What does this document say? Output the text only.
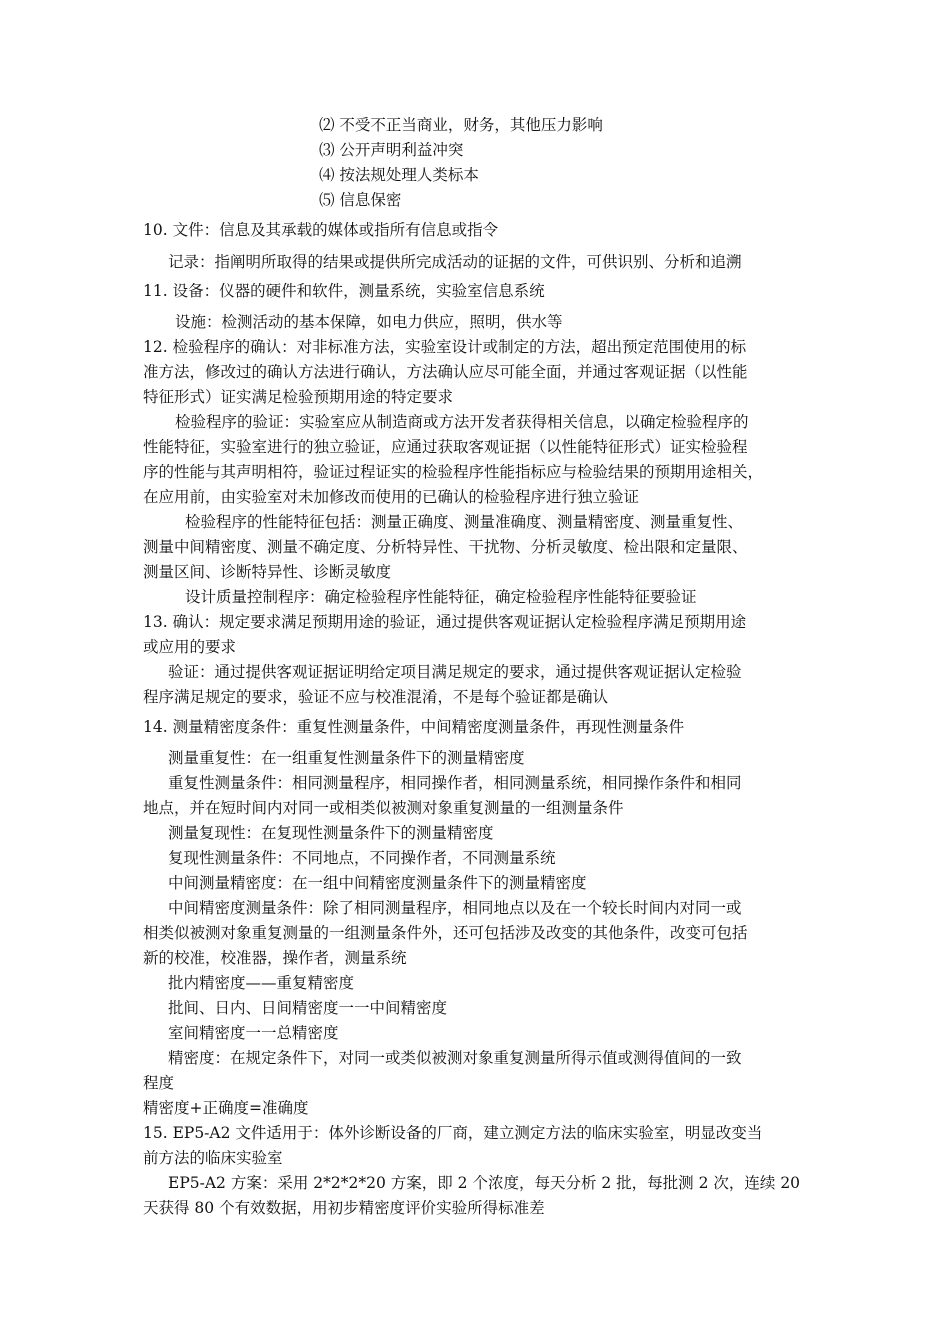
⑵ 不受不正当商业，财务，其他压力影响
⑶ 公开声明利益冲突
⑷ 按法规处理人类标本
⑸ 信息保密
10. 文件：信息及其承载的媒体或指所有信息或指令
记录：指阐明所取得的结果或提供所完成活动的证据的文件，可供识别、分析和追溯
11. 设备：仪器的硬件和软件，测量系统，实验室信息系统
设施：检测活动的基本保障，如电力供应，照明，供水等
12. 检验程序的确认：对非标准方法，实验室设计或制定的方法，超出预定范围使用的标
准方法，修改过的确认方法进行确认，方法确认应尽可能全面，并通过客观证据（以性能
特征形式）证实满足检验预期用途的特定要求
检验程序的验证：实验室应从制造商或方法开发者获得相关信息，以确定检验程序的
性能特征，实验室进行的独立验证，应通过获取客观证据（以性能特征形式）证实检验程
序的性能与其声明相符，验证过程证实的检验程序性能指标应与检验结果的预期用途相关，
在应用前，由实验室对未加修改而使用的已确认的检验程序进行独立验证
检验程序的性能特征包括：测量正确度、测量准确度、测量精密度、测量重复性、
测量中间精密度、测量不确定度、分析特异性、干扰物、分析灵敏度、检出限和定量限、
测量区间、诊断特异性、诊断灵敏度
设计质量控制程序：确定检验程序性能特征，确定检验程序性能特征要验证
13. 确认：规定要求满足预期用途的验证，通过提供客观证据认定检验程序满足预期用途
或应用的要求
验证：通过提供客观证据证明给定项目满足规定的要求，通过提供客观证据认定检验
程序满足规定的要求，验证不应与校准混淆，不是每个验证都是确认
14. 测量精密度条件：重复性测量条件，中间精密度测量条件，再现性测量条件
测量重复性：在一组重复性测量条件下的测量精密度
重复性测量条件：相同测量程序，相同操作者，相同测量系统，相同操作条件和相同
地点，并在短时间内对同一或相类似被测对象重复测量的一组测量条件
测量复现性：在复现性测量条件下的测量精密度
复现性测量条件：不同地点，不同操作者，不同测量系统
中间测量精密度：在一组中间精密度测量条件下的测量精密度
中间精密度测量条件：除了相同测量程序，相同地点以及在一个较长时间内对同一或
相类似被测对象重复测量的一组测量条件外，还可包括涉及改变的其他条件，改变可包括
新的校准，校准器，操作者，测量系统
批内精密度——重复精密度
批间、日内、日间精密度一一中间精密度
室间精密度一一总精密度
精密度：在规定条件下，对同一或类似被测对象重复测量所得示值或测得值间的一致
程度
精密度+正确度=准确度
15. EP5-A2 文件适用于：体外诊断设备的厂商，建立测定方法的临床实验室，明显改变当
前方法的临床实验室
EP5-A2 方案：采用 2*2*2*20 方案，即 2 个浓度，每天分析 2 批，每批测 2 次，连续 20
天获得 80 个有效数据，用初步精密度评价实验所得标准差
